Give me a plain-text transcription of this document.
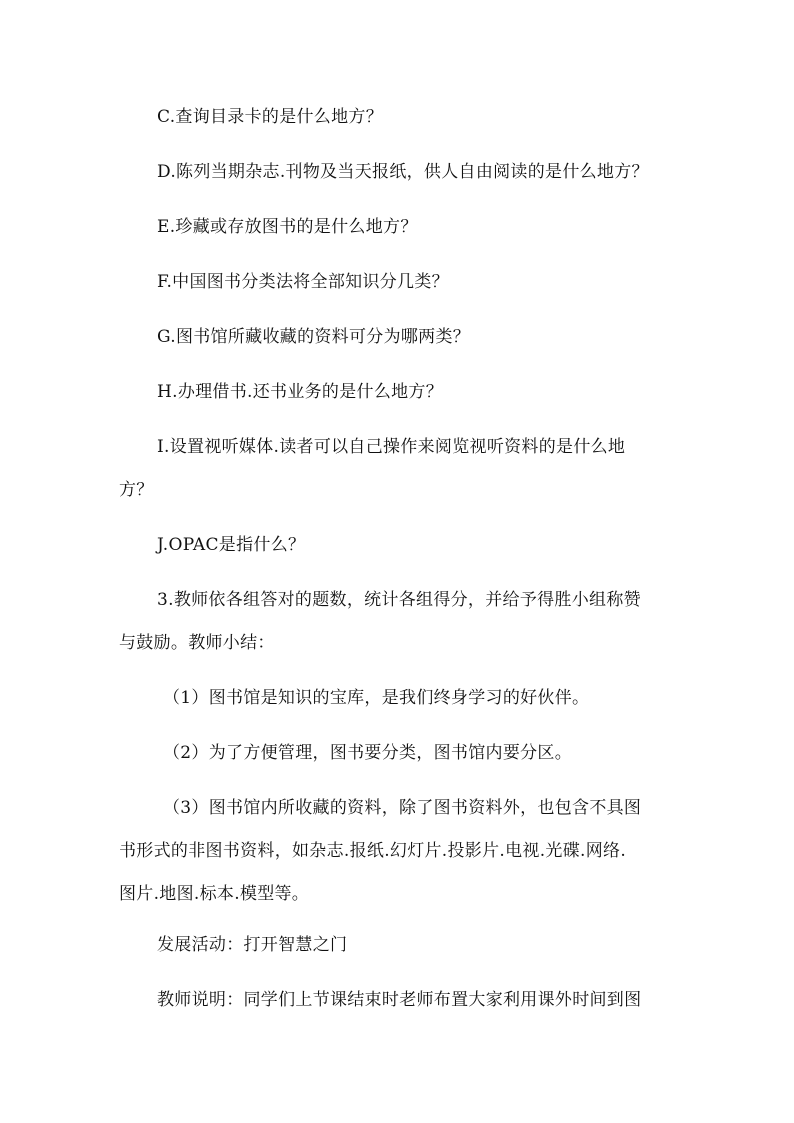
C.查询目录卡的是什么地方？
D.陈列当期杂志.刊物及当天报纸，供人自由阅读的是什么地方？
E.珍藏或存放图书的是什么地方？
F.中国图书分类法将全部知识分几类？
G.图书馆所藏收藏的资料可分为哪两类？
H.办理借书.还书业务的是什么地方？
I.设置视听媒体.读者可以自己操作来阅览视听资料的是什么地
方？
J.OPAC是指什么？
3.教师依各组答对的题数，统计各组得分，并给予得胜小组称赞
与鼓励。教师小结：
（1）图书馆是知识的宝库，是我们终身学习的好伙伴。
（2）为了方便管理，图书要分类，图书馆内要分区。
（3）图书馆内所收藏的资料，除了图书资料外，也包含不具图
书形式的非图书资料，如杂志.报纸.幻灯片.投影片.电视.光碟.网络.
图片.地图.标本.模型等。
发展活动：打开智慧之门
教师说明：同学们上节课结束时老师布置大家利用课外时间到图
